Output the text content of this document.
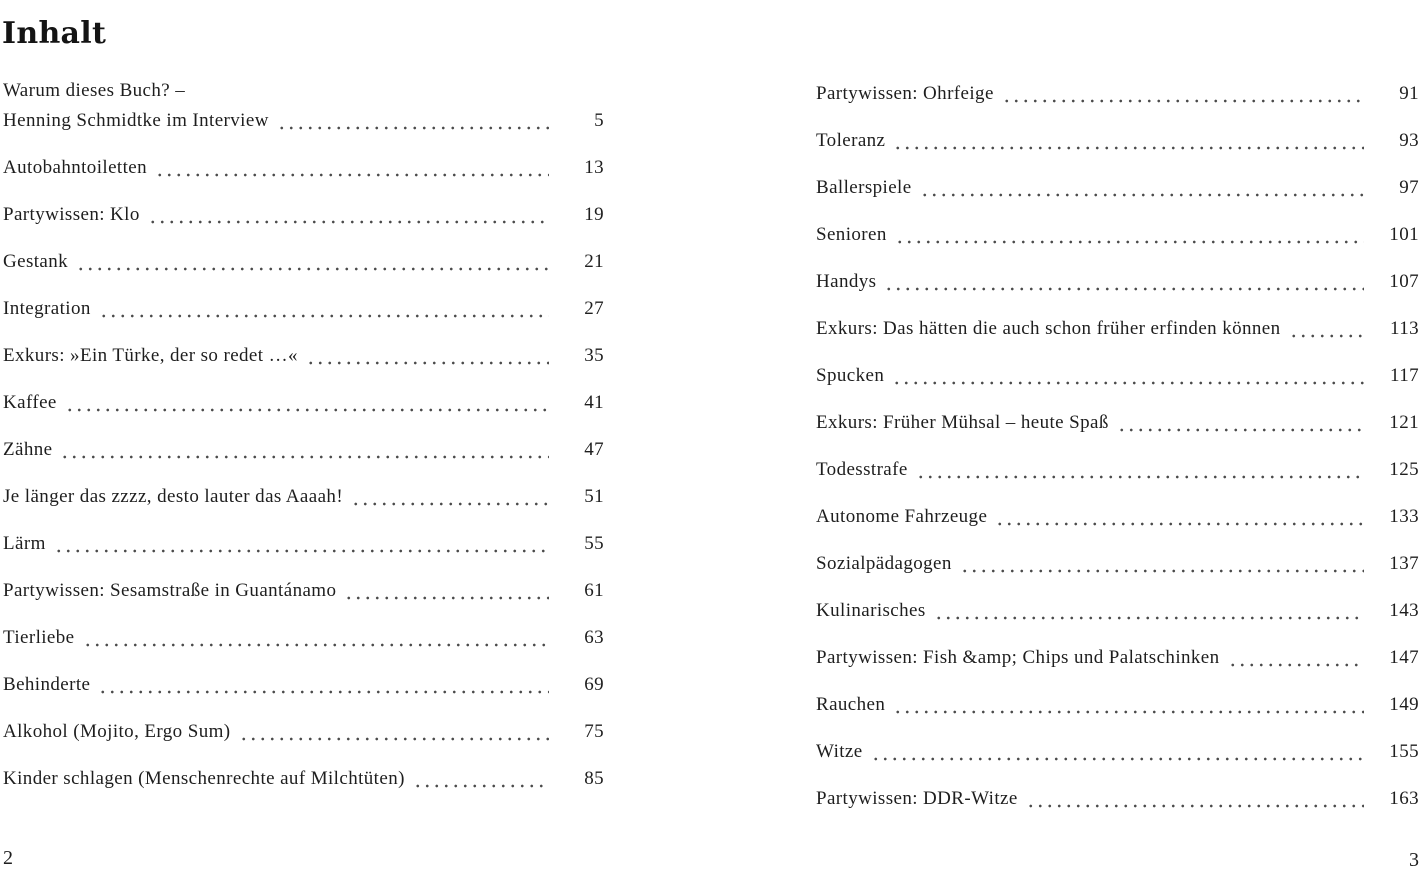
Inhalt
Warum dieses Buch? –
Henning Schmidtke im Interview	5
Autobahntoiletten	13
Partywissen: Klo	19
Gestank	21
Integration	27
Exkurs: »Ein Türke, der so redet …«	35
Kaffee	41
Zähne	47
Je länger das zzzz, desto lauter das Aaaah!	51
Lärm	55
Partywissen: Sesamstraße in Guantánamo	61
Tierliebe	63
Behinderte	69
Alkohol (Mojito, Ergo Sum)	75
Kinder schlagen (Menschenrechte auf Milchtüten)	85
Partywissen: Ohrfeige	91
Toleranz	93
Ballerspiele	97
Senioren	101
Handys	107
Exkurs: Das hätten die auch schon früher erfinden können	113
Spucken	117
Exkurs: Früher Mühsal – heute Spaß	121
Todesstrafe	125
Autonome Fahrzeuge	133
Sozialpädagogen	137
Kulinarisches	143
Partywissen: Fish &amp; Chips und Palatschinken	147
Rauchen	149
Witze	155
Partywissen: DDR-Witze	163
2	3
